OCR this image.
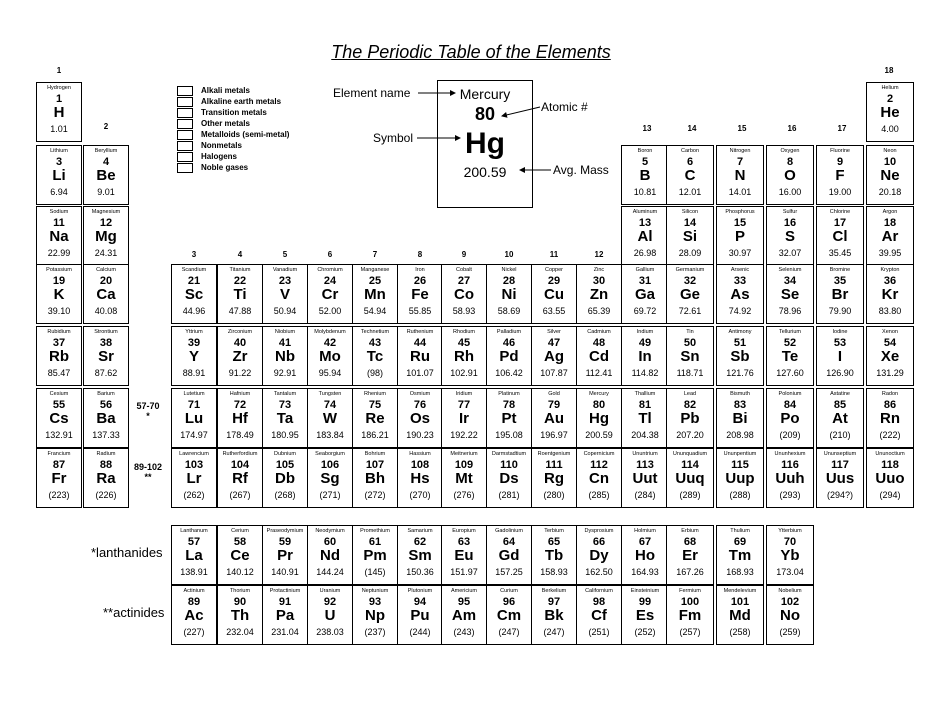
The Periodic Table of the Elements
1
2
3	4	5	6	7	8	9	10	11	12
13	14	15	16	17
18
Alkali metals
Alkaline earth metals
Transition metals
Other metals
Metalloids (semi-metal)
Nonmetals
Halogens
Noble gases
Mercury
80
Hg
200.59
Element name
Symbol
Atomic #
Avg. Mass
57-70
*
89-102
**
*lanthanides
**actinides
Hydrogen
1
H
1.01
Helium
2
He
4.00
Lithium
3
Li
6.94
Beryllium
4
Be
9.01
Boron
5
B
10.81
Carbon
6
C
12.01
Nitrogen
7
N
14.01
Oxygen
8
O
16.00
Fluorine
9
F
19.00
Neon
10
Ne
20.18
Sodium
11
Na
22.99
Magnesium
12
Mg
24.31
Aluminum
13
Al
26.98
Silicon
14
Si
28.09
Phosphorus
15
P
30.97
Sulfur
16
S
32.07
Chlorine
17
Cl
35.45
Argon
18
Ar
39.95
Potassium
19
K
39.10
Calcium
20
Ca
40.08
Scandium
21
Sc
44.96
Titanium
22
Ti
47.88
Vanadium
23
V
50.94
Chromium
24
Cr
52.00
Manganese
25
Mn
54.94
Iron
26
Fe
55.85
Cobalt
27
Co
58.93
Nickel
28
Ni
58.69
Copper
29
Cu
63.55
Zinc
30
Zn
65.39
Gallium
31
Ga
69.72
Germanium
32
Ge
72.61
Arsenic
33
As
74.92
Selenium
34
Se
78.96
Bromine
35
Br
79.90
Krypton
36
Kr
83.80
Rubidium
37
Rb
85.47
Strontium
38
Sr
87.62
Yttrium
39
Y
88.91
Zirconium
40
Zr
91.22
Niobium
41
Nb
92.91
Molybdenum
42
Mo
95.94
Technetium
43
Tc
(98)
Ruthenium
44
Ru
101.07
Rhodium
45
Rh
102.91
Palladium
46
Pd
106.42
Silver
47
Ag
107.87
Cadmium
48
Cd
112.41
Indium
49
In
114.82
Tin
50
Sn
118.71
Antimony
51
Sb
121.76
Tellurium
52
Te
127.60
Iodine
53
I
126.90
Xenon
54
Xe
131.29
Cesium
55
Cs
132.91
Barium
56
Ba
137.33
Lutetium
71
Lu
174.97
Hafnium
72
Hf
178.49
Tantalum
73
Ta
180.95
Tungsten
74
W
183.84
Rhenium
75
Re
186.21
Osmium
76
Os
190.23
Iridium
77
Ir
192.22
Platinum
78
Pt
195.08
Gold
79
Au
196.97
Mercury
80
Hg
200.59
Thallium
81
Tl
204.38
Lead
82
Pb
207.20
Bismuth
83
Bi
208.98
Polonium
84
Po
(209)
Astatine
85
At
(210)
Radon
86
Rn
(222)
Francium
87
Fr
(223)
Radium
88
Ra
(226)
Lawrencium
103
Lr
(262)
Rutherfordium
104
Rf
(267)
Dubnium
105
Db
(268)
Seaborgium
106
Sg
(271)
Bohrium
107
Bh
(272)
Hassium
108
Hs
(270)
Meitnerium
109
Mt
(276)
Darmstadtium
110
Ds
(281)
Roentgenium
111
Rg
(280)
Copernicium
112
Cn
(285)
Ununtrium
113
Uut
(284)
Ununquadium
114
Uuq
(289)
Ununpentium
115
Uup
(288)
Ununhexium
116
Uuh
(293)
Ununseptium
117
Uus
(294?)
Ununoctium
118
Uuo
(294)
Lanthanum
57
La
138.91
Cerium
58
Ce
140.12
Praseodymium
59
Pr
140.91
Neodymium
60
Nd
144.24
Promethium
61
Pm
(145)
Samarium
62
Sm
150.36
Europium
63
Eu
151.97
Gadolinium
64
Gd
157.25
Terbium
65
Tb
158.93
Dysprosium
66
Dy
162.50
Holmium
67
Ho
164.93
Erbium
68
Er
167.26
Thulium
69
Tm
168.93
Ytterbium
70
Yb
173.04
Actinium
89
Ac
(227)
Thorium
90
Th
232.04
Protactinium
91
Pa
231.04
Uranium
92
U
238.03
Neptunium
93
Np
(237)
Plutonium
94
Pu
(244)
Americium
95
Am
(243)
Curium
96
Cm
(247)
Berkelium
97
Bk
(247)
Californium
98
Cf
(251)
Einsteinium
99
Es
(252)
Fermium
100
Fm
(257)
Mendelevium
101
Md
(258)
Nobelium
102
No
(259)
